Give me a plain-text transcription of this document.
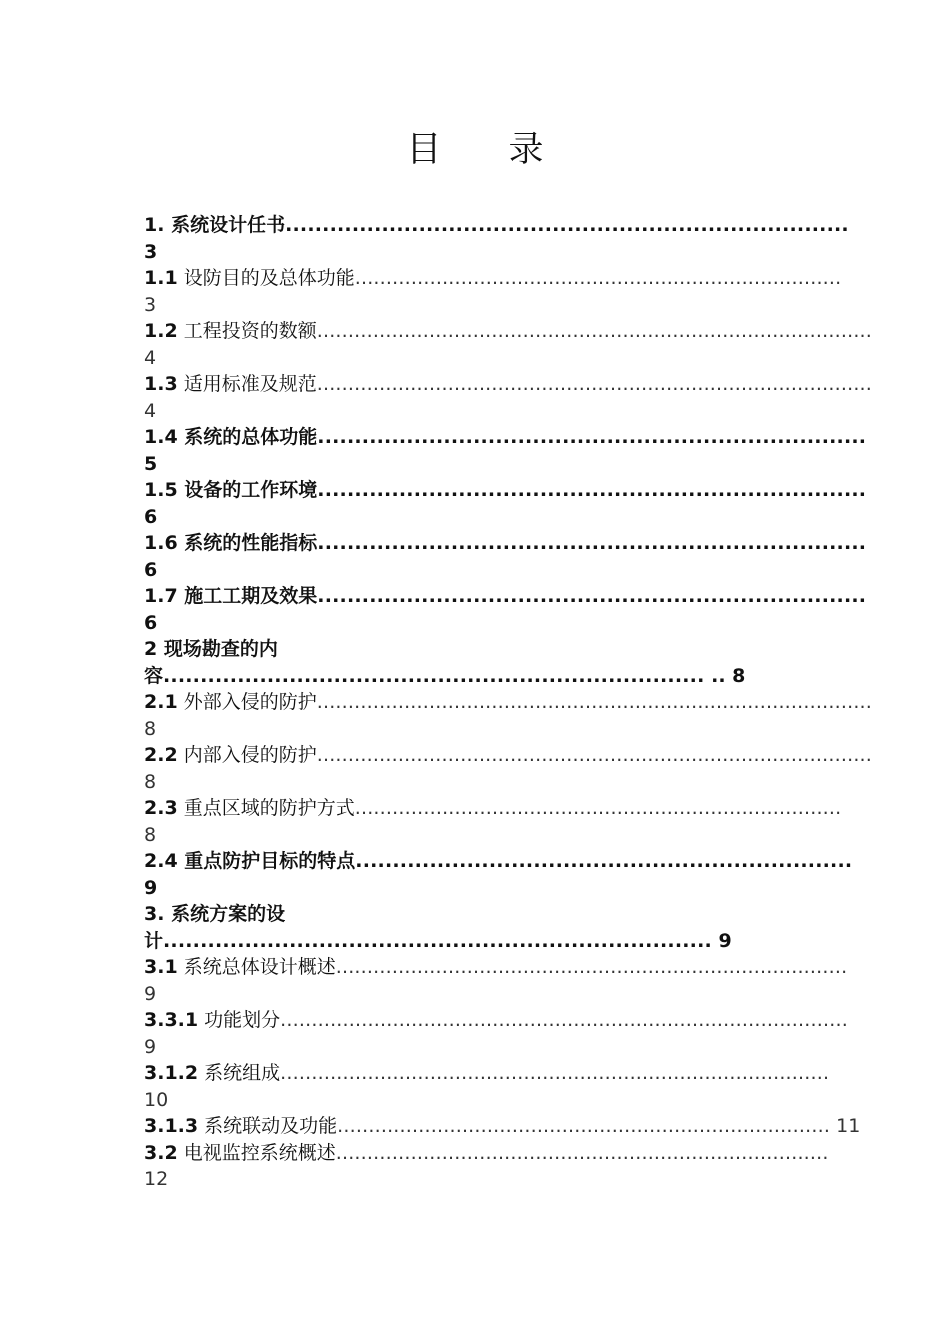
目 录

1. 系统设计任书............................................................................
3

1.1 设防目的及总体功能..............................................................................
3

1.2 工程投资的数额.........................................................................................
4

1.3 适用标准及规范.........................................................................................
4

1.4 系统的总体功能..........................................................................
5

1.5 设备的工作环境..........................................................................
6

1.6 系统的性能指标..........................................................................
6

1.7 施工工期及效果..........................................................................
6

2 现场勘查的内
容......................................................................... .. 8

2.1 外部入侵的防护.........................................................................................
8

2.2 内部入侵的防护.........................................................................................
8

2.3 重点区域的防护方式..............................................................................
8

2.4 重点防护目标的特点...................................................................
9

3. 系统方案的设
计.......................................................................... 9

3.1 系统总体设计概述..................................................................................
9

3.3.1 功能划分...........................................................................................
9

3.1.2 系统组成........................................................................................
10

3.1.3 系统联动及功能............................................................................... 11

3.2 电视监控系统概述...............................................................................
12
